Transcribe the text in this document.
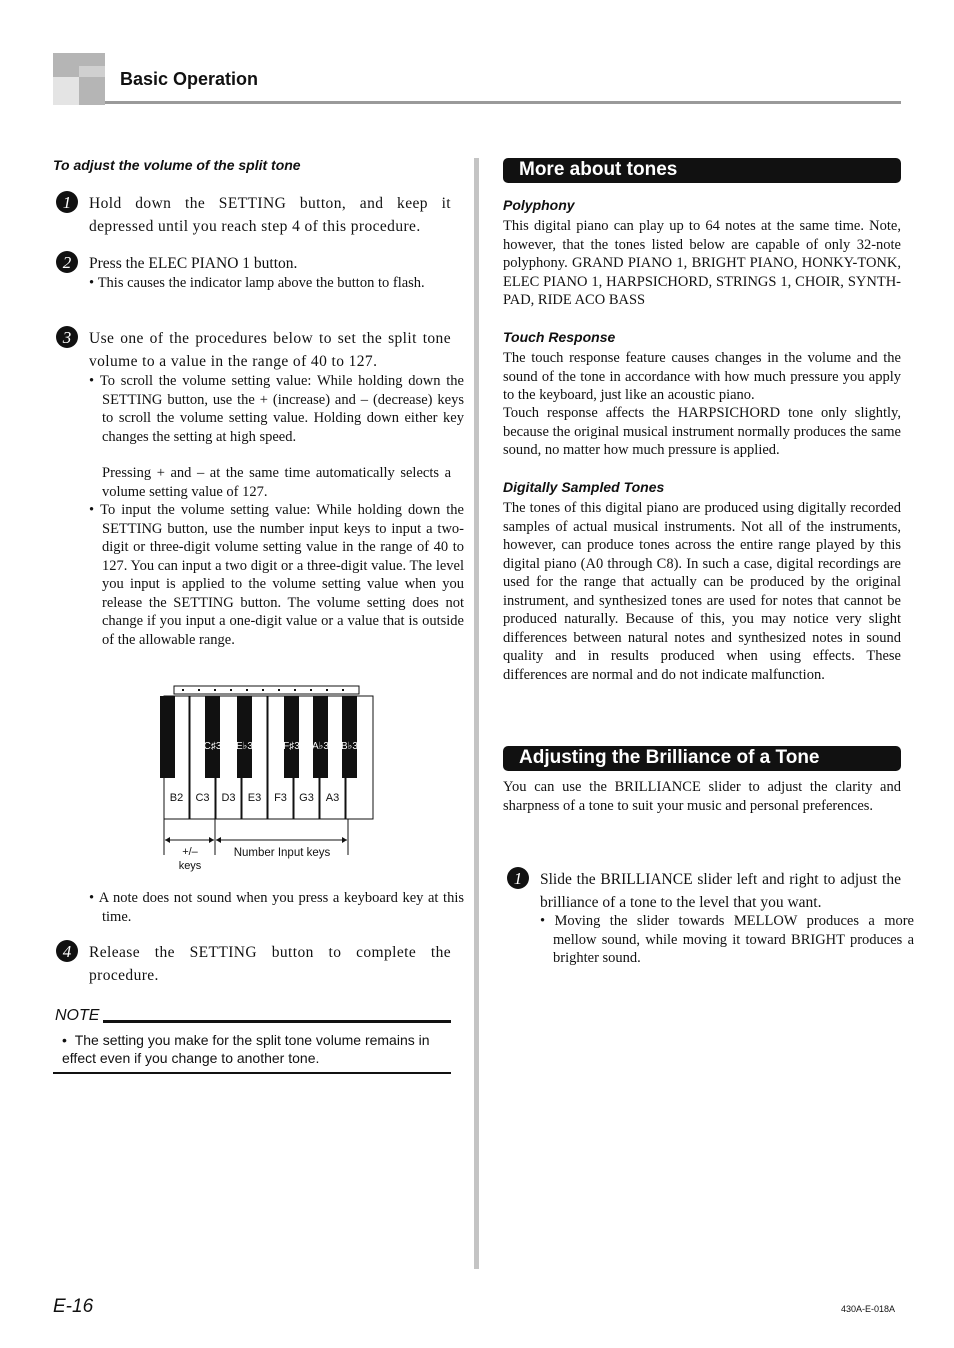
Basic Operation
To adjust the volume of the split tone
1 Hold down the SETTING button, and keep it depressed until you reach step 4 of this procedure.
2 Press the ELEC PIANO 1 button.
• This causes the indicator lamp above the button to flash.
3 Use one of the procedures below to set the split tone volume to a value in the range of 40 to 127.
• To scroll the volume setting value: While holding down the SETTING button, use the + (increase) and – (decrease) keys to scroll the volume setting value. Holding down either key changes the setting at high speed.
Pressing + and – at the same time automatically selects a volume setting value of 127.
• To input the volume setting value: While holding down the SETTING button, use the number input keys to input a two-digit or three-digit volume setting value in the range of 40 to 127. You can input a two digit or a three-digit value. The level you input is applied to the volume setting value when you release the SETTING button. The volume setting does not change if you input a one-digit value or a value that is outside of the allowable range.
C♯3 E♭3	F♯3 A♭3 B♭3
B2 C3 D3 E3 F3 G3 A3
+/–
keys
Number Input keys
• A note does not sound when you press a keyboard key at this time.
4 Release the SETTING button to complete the procedure.
NOTE
•  The setting you make for the split tone volume remains in effect even if you change to another tone.
More about tones
Polyphony
This digital piano can play up to 64 notes at the same time. Note, however, that the tones listed below are capable of only 32-note polyphony. GRAND PIANO 1, BRIGHT PIANO, HONKY-TONK, ELEC PIANO 1, HARPSICHORD, STRINGS 1, CHOIR, SYNTH-PAD, RIDE ACO BASS
Touch Response
The touch response feature causes changes in the volume and the sound of the tone in accordance with how much pressure you apply to the keyboard, just like an acoustic piano.
Touch response affects the HARPSICHORD tone only slightly, because the original musical instrument normally produces the same sound, no matter how much pressure is applied.
Digitally Sampled Tones
The tones of this digital piano are produced using digitally recorded samples of actual musical instruments. Not all of the instruments, however, can produce tones across the entire range played by this digital piano (A0 through C8). In such a case, digital recordings are used for the range that actually can be produced by the original instrument, and synthesized tones are used for notes that cannot be produced naturally. Because of this, you may notice very slight differences between natural notes and synthesized notes in sound quality and in results produced when using effects. These differences are normal and do not indicate malfunction.
Adjusting the Brilliance of a Tone
You can use the BRILLIANCE slider to adjust the clarity and sharpness of a tone to suit your music and personal preferences.
1 Slide the BRILLIANCE slider left and right to adjust the brilliance of a tone to the level that you want.
• Moving the slider towards MELLOW produces a more mellow sound, while moving it toward BRIGHT produces a brighter sound.
E-16	430A-E-018A
